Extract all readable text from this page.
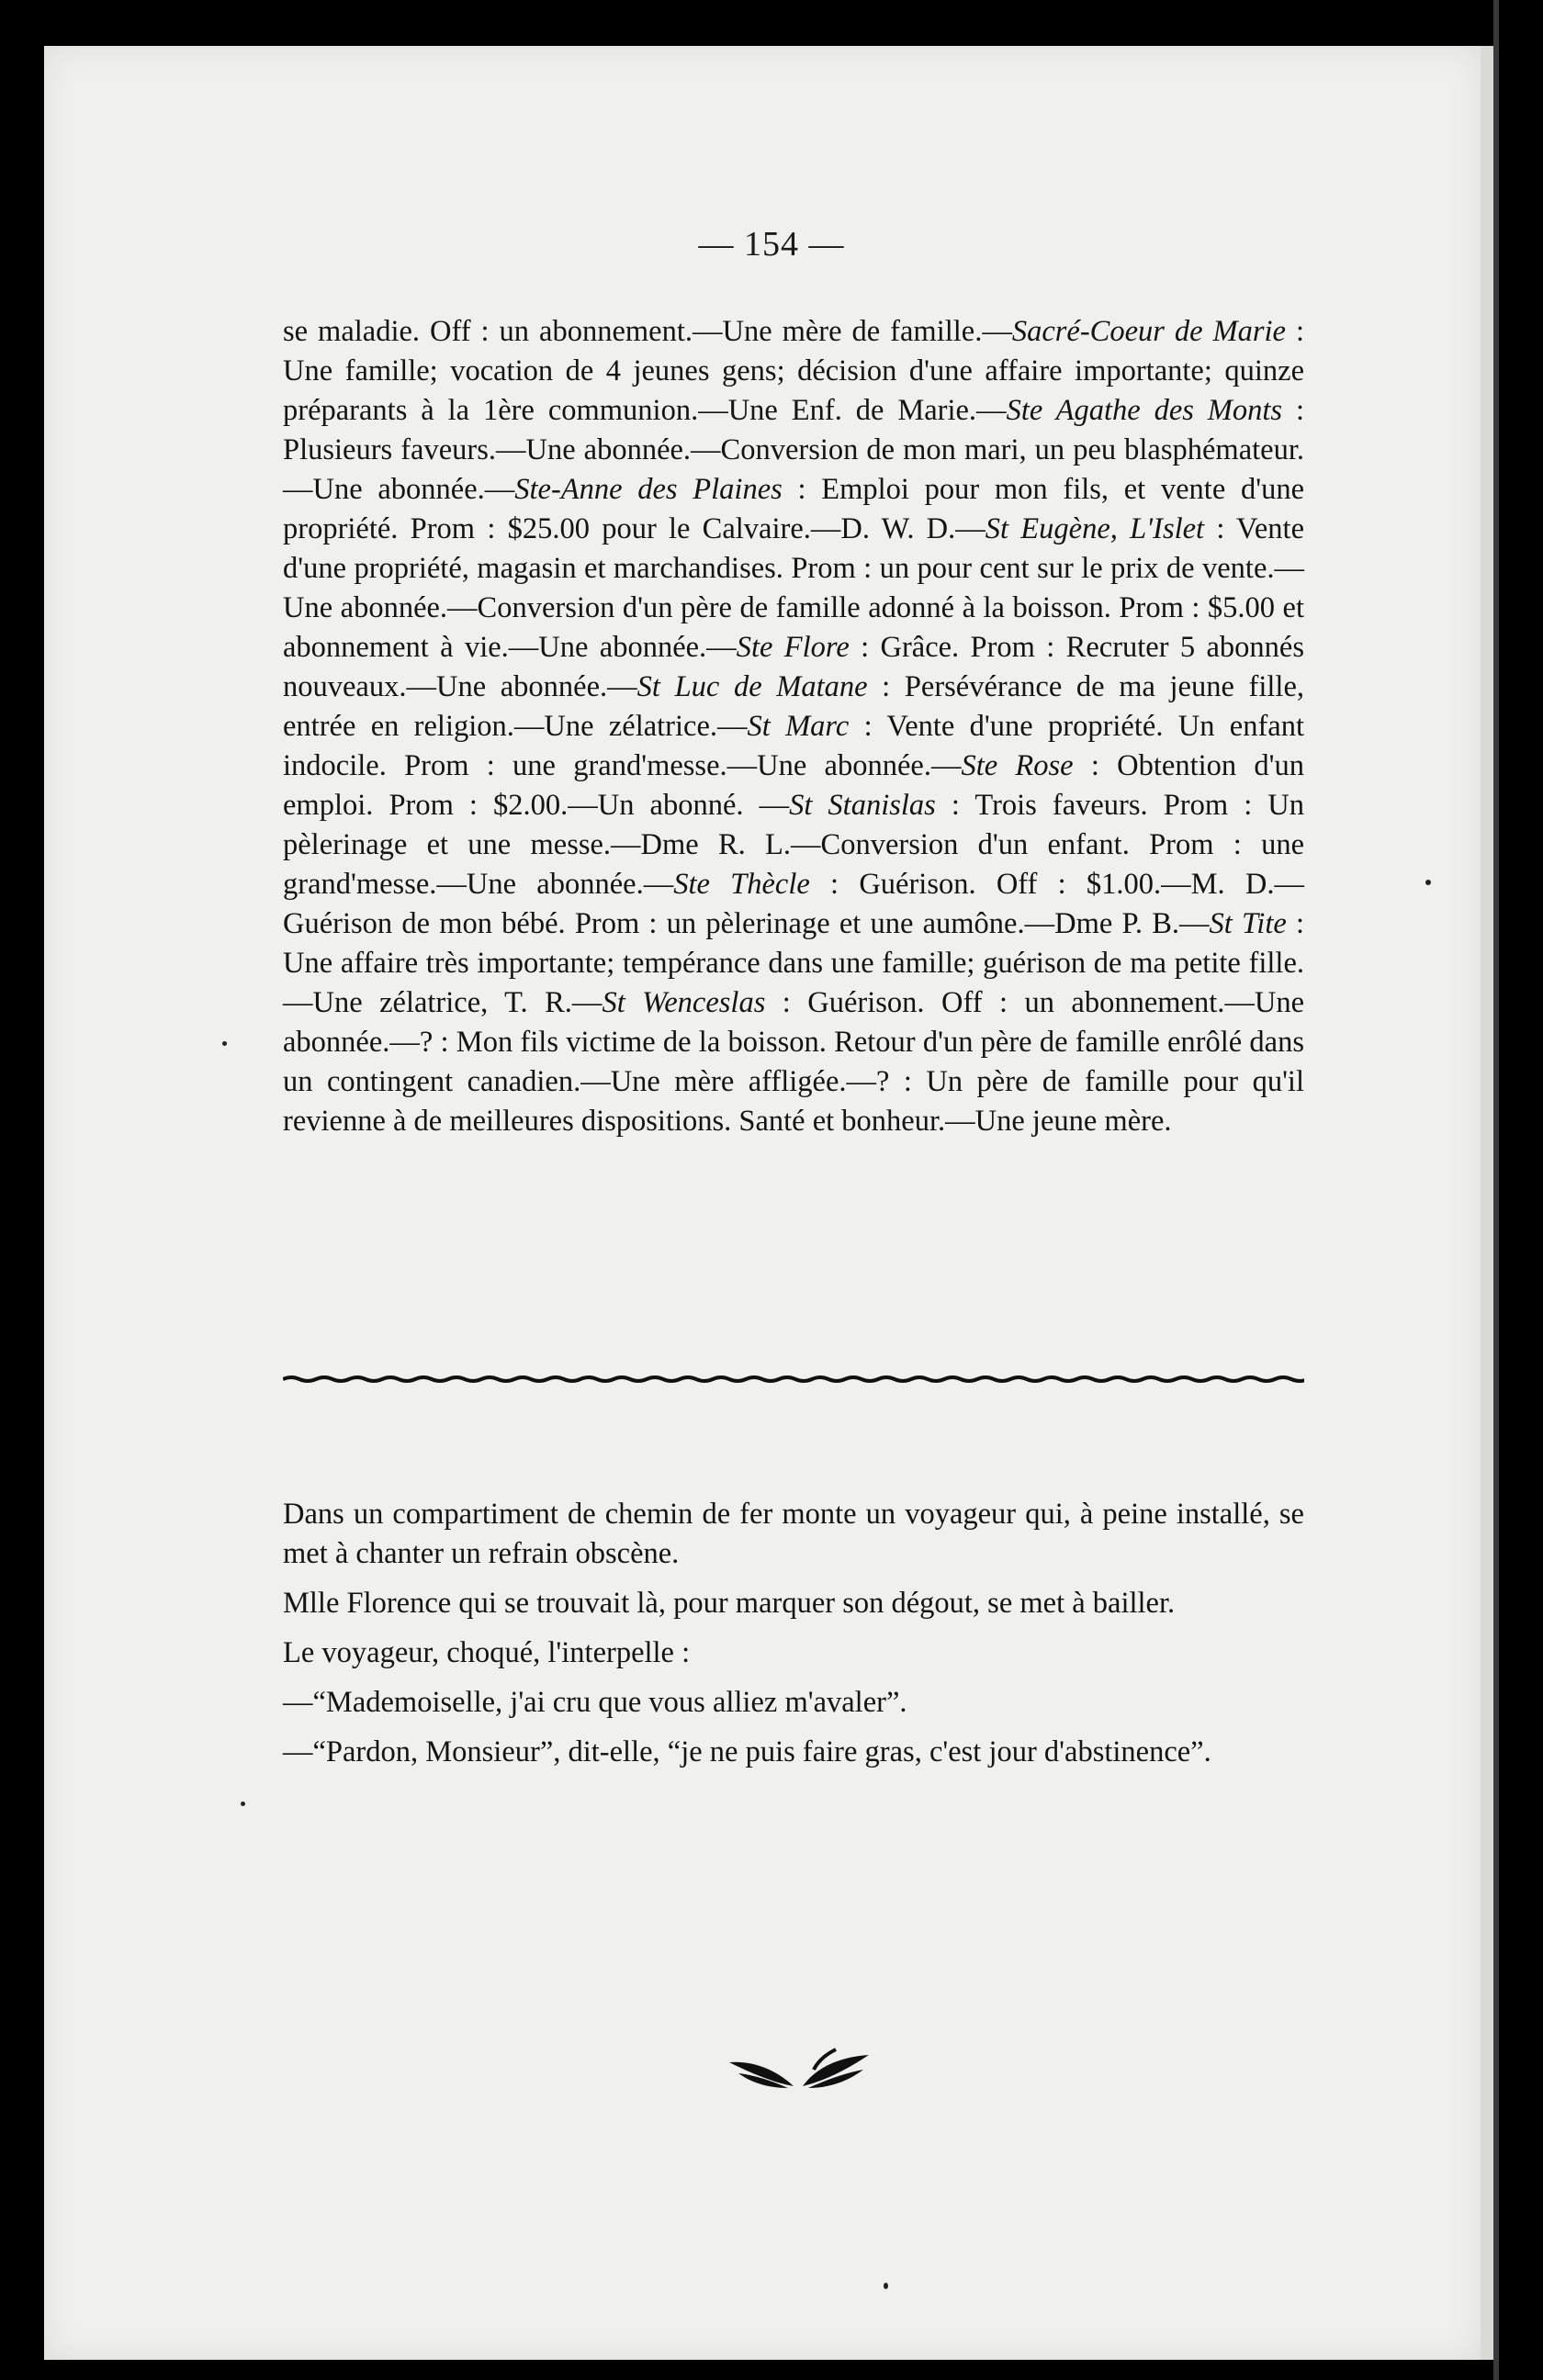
— 154 —
se maladie. Off : un abonnement.—Une mère de famille.—Sacré-Coeur de Marie : Une famille; vocation de 4 jeunes gens; décision d'une affaire importante; quinze préparants à la 1ère communion.—Une Enf. de Marie.—Ste Agathe des Monts : Plusieurs faveurs.—Une abonnée.—Conversion de mon mari, un peu blasphémateur. —Une abonnée.—Ste-Anne des Plaines : Emploi pour mon fils, et vente d'une propriété. Prom : $25.00 pour le Calvaire.—D. W. D.—St Eugène, L'Islet : Vente d'une propriété, magasin et marchandises. Prom : un pour cent sur le prix de vente.—Une abonnée.—Conversion d'un père de famille adonné à la boisson. Prom : $5.00 et abonnement à vie.—Une abonnée.—Ste Flore : Grâce. Prom : Recruter 5 abonnés nouveaux.—Une abonnée.—St Luc de Matane : Persévérance de ma jeune fille, entrée en religion.—Une zélatrice.—St Marc : Vente d'une propriété. Un enfant indocile. Prom : une grand'messe.—Une abonnée.—Ste Rose : Obtention d'un emploi. Prom : $2.00.—Un abonné. —St Stanislas : Trois faveurs. Prom : Un pèlerinage et une messe.—Dme R. L.—Conversion d'un enfant. Prom : une grand'messe.—Une abonnée.—Ste Thècle : Guérison. Off : $1.00.—M. D.—Guérison de mon bébé. Prom : un pèlerinage et une aumône.—Dme P. B.—St Tite : Une affaire très importante; tempérance dans une famille; guérison de ma petite fille.—Une zélatrice, T. R.—St Wenceslas : Guérison. Off : un abonnement.—Une abonnée.—? : Mon fils victime de la boisson. Retour d'un père de famille enrôlé dans un contingent canadien.—Une mère affligée.—? : Un père de famille pour qu'il revienne à de meilleures dispositions. Santé et bonheur.—Une jeune mère.

Dans un compartiment de chemin de fer monte un voyageur qui, à peine installé, se met à chanter un refrain obscène.

Mlle Florence qui se trouvait là, pour marquer son dégout, se met à bailler.

Le voyageur, choqué, l'interpelle :

—“Mademoiselle, j'ai cru que vous alliez m'avaler”.

—“Pardon, Monsieur”, dit-elle, “je ne puis faire gras, c'est jour d'abstinence”.
